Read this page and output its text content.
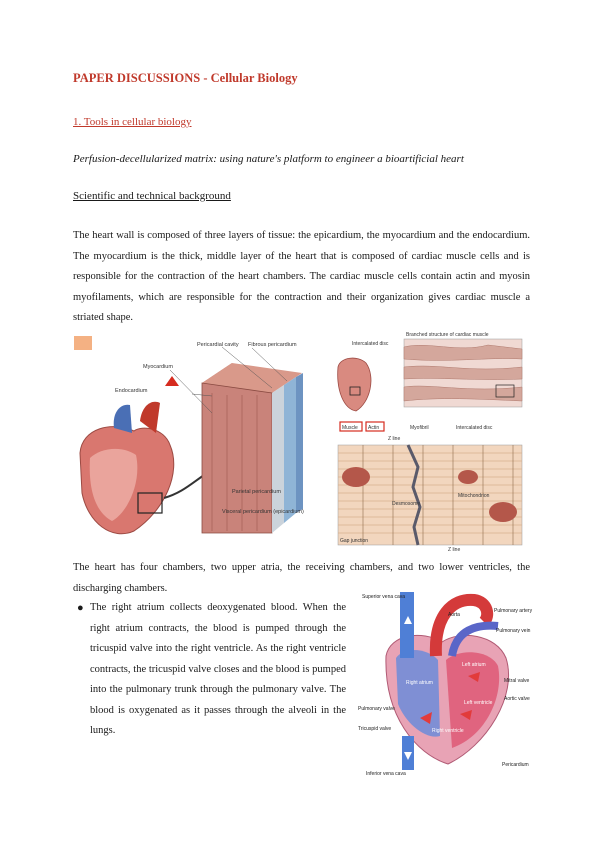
PAPER DISCUSSIONS - Cellular Biology
1. Tools in cellular biology
Perfusion-decellularized matrix: using nature's platform to engineer a bioartificial heart
Scientific and technical background
The heart wall is composed of three layers of tissue: the epicardium, the myocardium and the endocardium. The myocardium is the thick, middle layer of the heart that is composed of cardiac muscle cells and is responsible for the contraction of the heart chambers. The cardiac muscle cells contain actin and myosin myofilaments, which are responsible for the contraction and their organization gives cardiac muscle a striated shape.
Pericardial cavity Fibrous pericardium
Myocardium
Endocardium
Parietal pericardium
Visceral pericardium (epicardium)
Intercalated disc
Branched structure of cardiac muscle
Muscle Actin
Z line
Myofibril	Intercalated disc
Mitochondrion
Desmosome
Gap junction
Z line
The heart has four chambers, two upper atria, the receiving chambers, and two lower ventricles, the discharging chambers.
● The right atrium collects deoxygenated blood. When the right atrium contracts, the blood is pumped through the tricuspid valve into the right ventricle. As the right ventricle contracts, the tricuspid valve closes and the blood is pumped into the pulmonary trunk through the pulmonary valve. The blood is oxygenated as it passes through the alveoli in the lungs.
Superior vena cava
Aorta
Pulmonary artery
Pulmonary vein
Left atrium
Mitral valve
Right atrium
Aortic valve
Pulmonary valve
Left ventricle
Tricuspid valve	Right ventricle
Inferior vena cava
Pericardium
